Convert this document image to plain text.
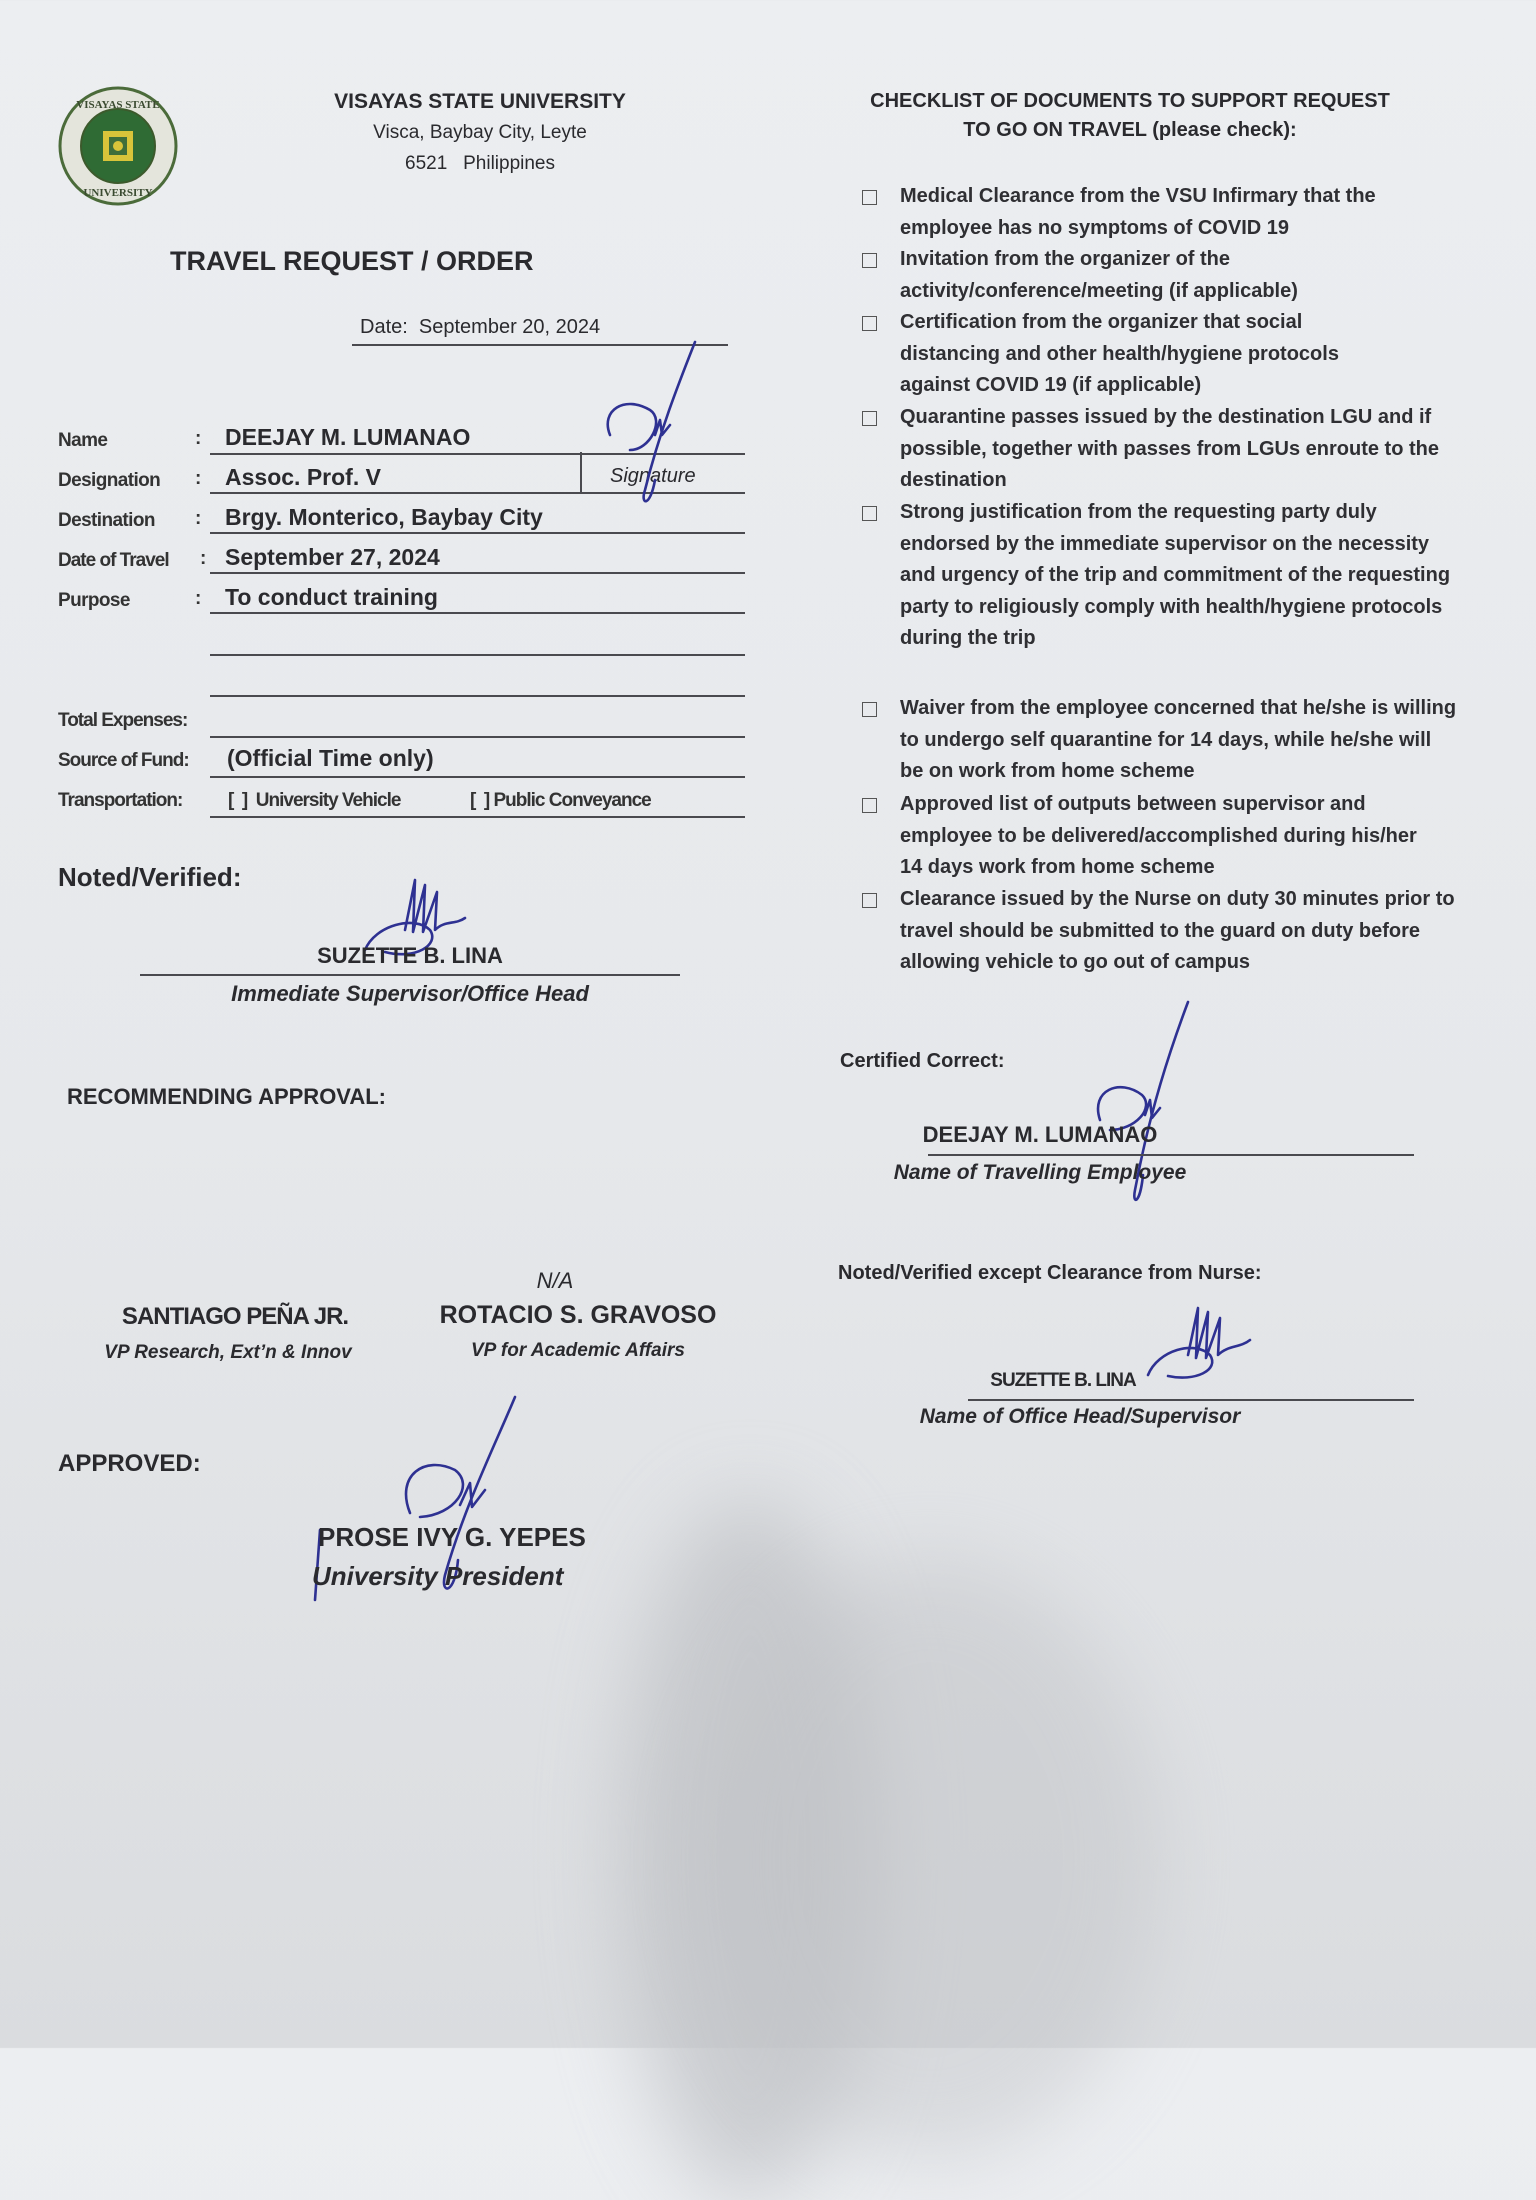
VISAYAS STATE
UNIVERSITY
VISAYAS STATE UNIVERSITY
Visca, Baybay City, Leyte
6521   Philippines
TRAVEL REQUEST / ORDER
Date:  September 20, 2024
Name	: DEEJAY M. LUMANAO
Designation : Assoc. Prof. V	Signature
Destination : Brgy. Monterico, Baybay City
Date of Travel : September 27, 2024
Purpose	: To conduct training
Total Expenses:
Source of Fund: (Official Time only)
Transportation: [  ]  University Vehicle	[  ] Public Conveyance
Noted/Verified:
SUZETTE B. LINA
Immediate Supervisor/Office Head
RECOMMENDING APPROVAL:
N/A
SANTIAGO PEÑA JR.
VP Research, Ext’n & Innov
ROTACIO S. GRAVOSO
VP for Academic Affairs
APPROVED:
PROSE IVY G. YEPES
University President
CHECKLIST OF DOCUMENTS TO SUPPORT REQUEST
TO GO ON TRAVEL (please check):
Medical Clearance from the VSU Infirmary that the employee has no symptoms of COVID 19
Invitation from the organizer of the activity/conference/meeting (if applicable)
Certification from the organizer that social distancing and other health/hygiene protocols against COVID 19 (if applicable)
Quarantine passes issued by the destination LGU and if possible, together with passes from LGUs enroute to the destination
Strong justification from the requesting party duly endorsed by the immediate supervisor on the necessity and urgency of the trip and commitment of the requesting party to religiously comply with health/hygiene protocols during the trip
Waiver from the employee concerned that he/she is willing to undergo self quarantine for 14 days, while he/she will be on work from home scheme
Approved list of outputs between supervisor and employee to be delivered/accomplished during his/her 14 days work from home scheme
Clearance issued by the Nurse on duty 30 minutes prior to travel should be submitted to the guard on duty before allowing vehicle to go out of campus
Certified Correct:
DEEJAY M. LUMANAO
Name of Travelling Employee
Noted/Verified except Clearance from Nurse:
SUZETTE B. LINA
Name of Office Head/Supervisor
